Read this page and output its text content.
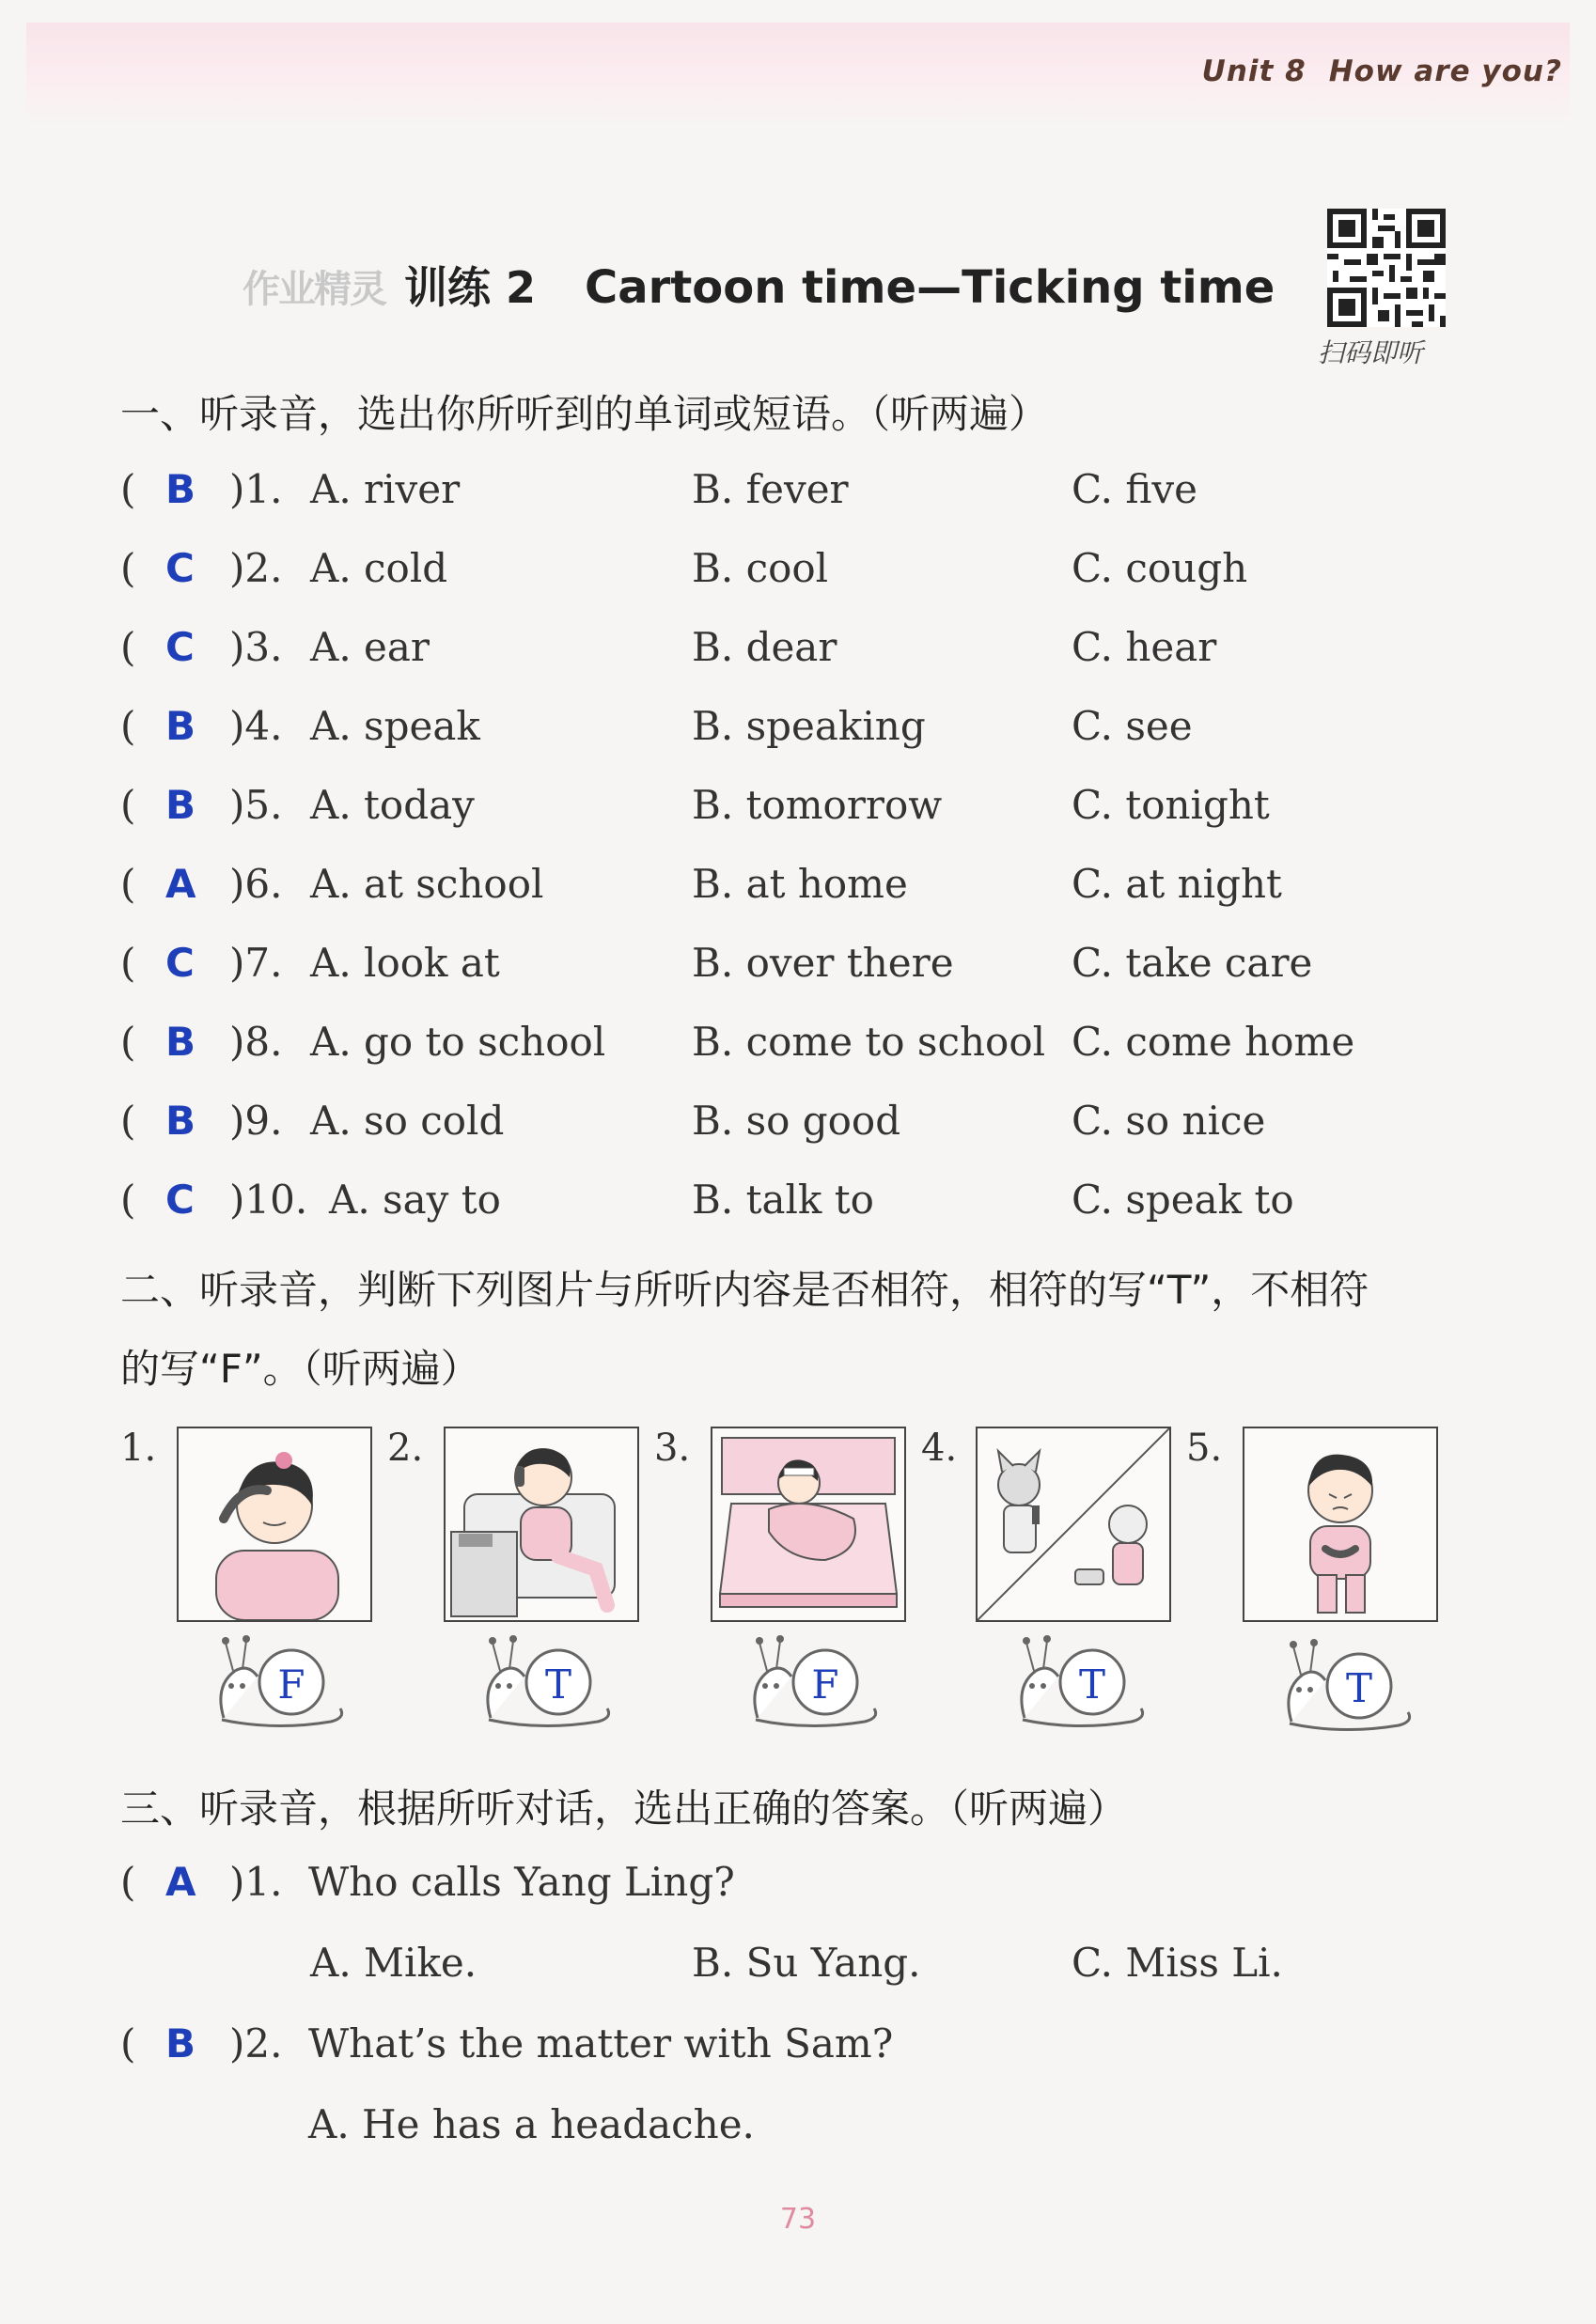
Unit 8 How are you?
作业精灵 训练 2 Cartoon time—Ticking time
扫码即听
一、听录音，选出你所听到的单词或短语。（听两遍）
( B )1. A. river	B. fever	C. five
( C )2. A. cold	B. cool	C. cough
( C )3. A. ear	B. dear	C. hear
( B )4. A. speak	B. speaking	C. see
( B )5. A. today	B. tomorrow	C. tonight
( A )6. A. at school	B. at home	C. at night
( C )7. A. look at	B. over there	C. take care
( B )8. A. go to school B. come to school C. come home
( B )9. A. so cold	B. so good	C. so nice
( C )10. A. say to	B. talk to	C. speak to
二、听录音，判断下列图片与所听内容是否相符，相符的写“T”，不相符
的写“F”。（听两遍）
1.	2.	3.	4.	5.
F	T	F	T	T
三、听录音，根据所听对话，选出正确的答案。（听两遍）
( A )1. Who calls Yang Ling?
A. Mike.	B. Su Yang.	C. Miss Li.
( B )2. What’s the matter with Sam?
A. He has a headache.
73
